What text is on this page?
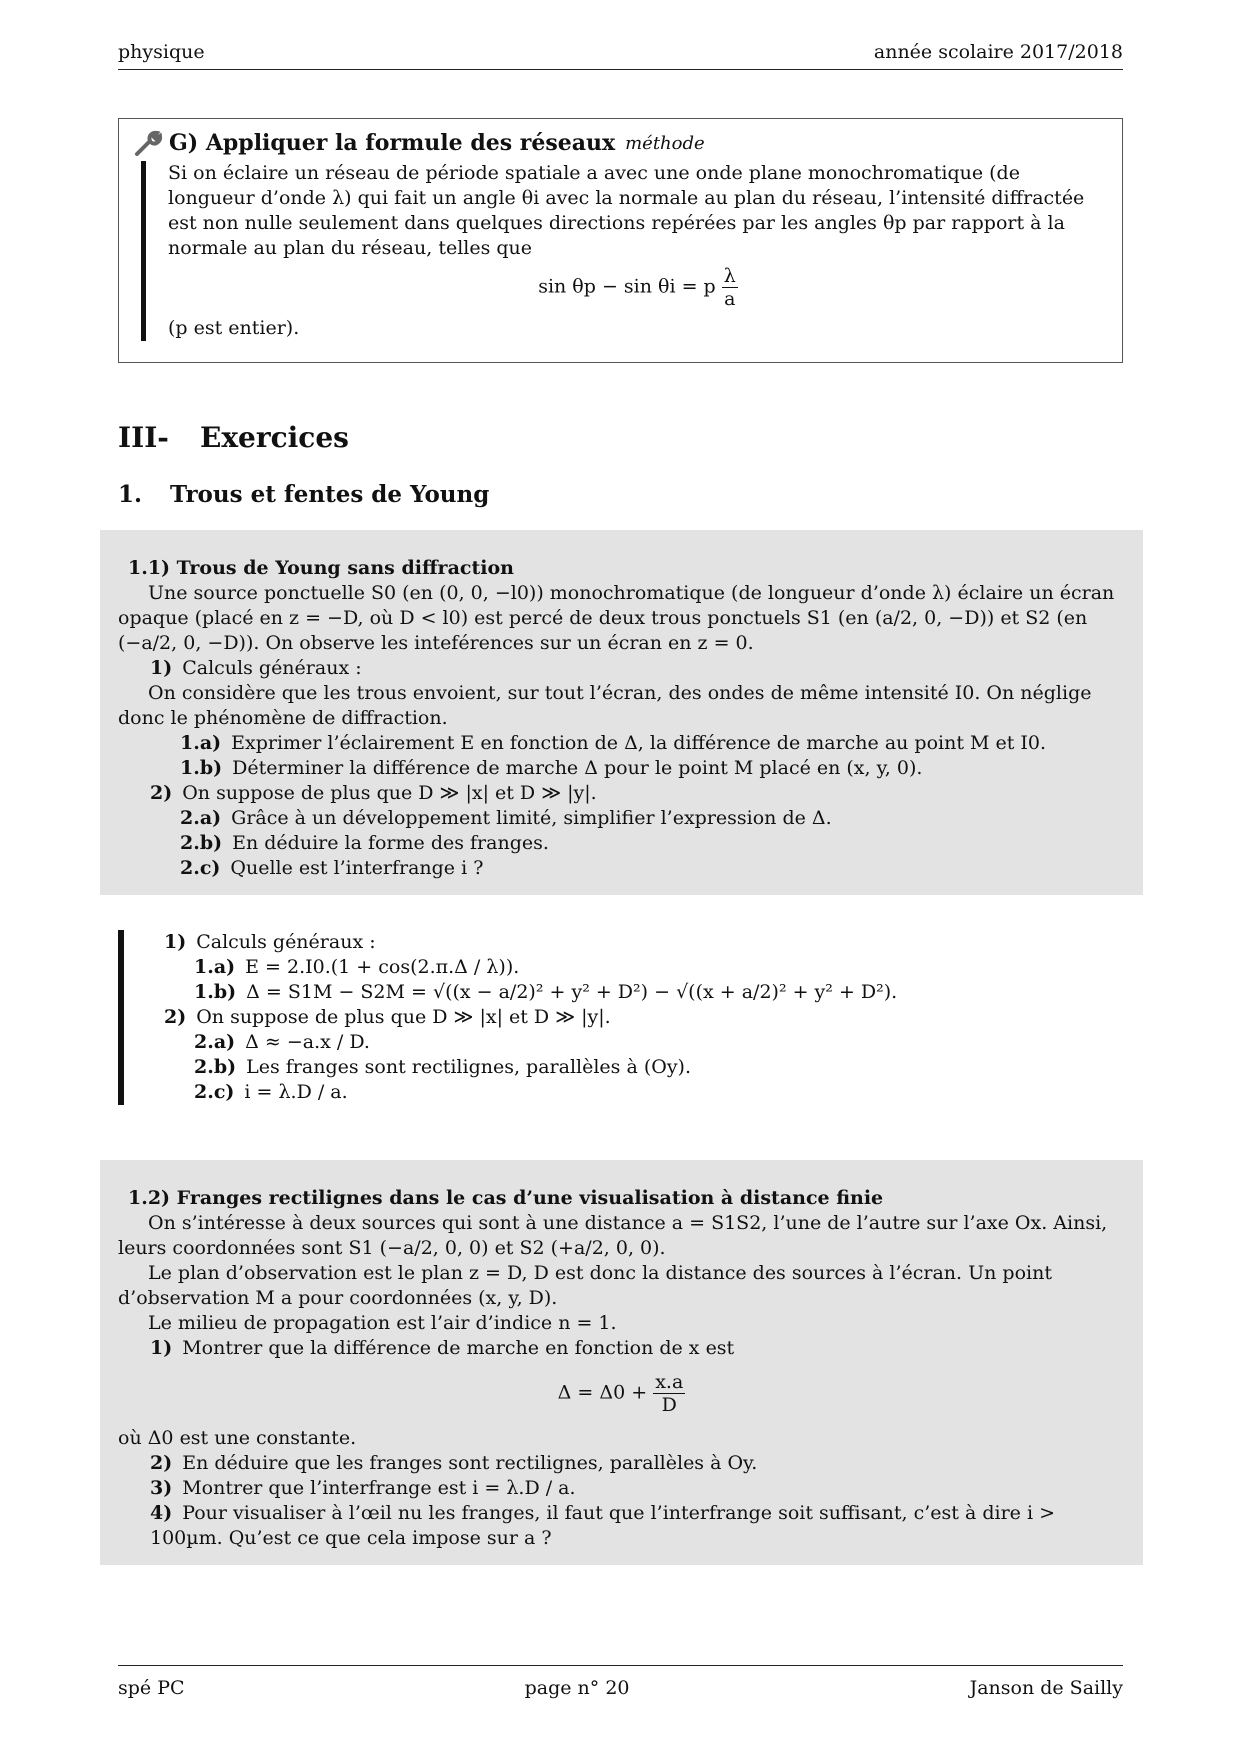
physique	année scolaire 2017/2018
G) Appliquer la formule des réseaux méthode

Si on éclaire un réseau de période spatiale a avec une onde plane monochromatique (de longueur d’onde λ) qui fait un angle θi avec la normale au plan du réseau, l’intensité diffractée est non nulle seulement dans quelques directions repérées par les angles θp par rapport à la normale au plan du réseau, telles que

sin θp − sin θi = p $\frac{\lambda}{a}$

(p est entier).

III- Exercices
1. Trous et fentes de Young

1.1) Trous de Young sans diffraction

Une source ponctuelle S0 (en (0, 0, −l0)) monochromatique (de longueur d’onde λ) éclaire un écran opaque (placé en z = −D, où D < l0) est percé de deux trous ponctuels S1 (en (a/2, 0, −D)) et S2 (en (−a/2, 0, −D)). On observe les inteférences sur un écran en z = 0.

1) Calculs généraux :

On considère que les trous envoient, sur tout l’écran, des ondes de même intensité I0. On néglige donc le phénomène de diffraction.

1.a) Exprimer l’éclairement E en fonction de Δ, la différence de marche au point M et I0.

1.b) Déterminer la différence de marche Δ pour le point M placé en (x, y, 0).

2) On suppose de plus que D ≫ |x| et D ≫ |y|.

2.a) Grâce à un développement limité, simplifier l’expression de Δ.

2.b) En déduire la forme des franges.

2.c) Quelle est l’interfrange i ?

1) Calculs généraux :

1.a) E = 2.I0.(1 + cos(2.π.Δ / λ)).

1.b) Δ = S1M − S2M = √((x − a/2)² + y² + D²) − √((x + a/2)² + y² + D²).

2) On suppose de plus que D ≫ |x| et D ≫ |y|.

2.a) Δ ≈ −a.x / D.

2.b) Les franges sont rectilignes, parallèles à (Oy).

2.c) i = λ.D / a.

1.2) Franges rectilignes dans le cas d’une visualisation à distance finie

On s’intéresse à deux sources qui sont à une distance a = S1S2, l’une de l’autre sur l’axe Ox. Ainsi, leurs coordonnées sont S1 (−a/2, 0, 0) et S2 (+a/2, 0, 0).

Le plan d’observation est le plan z = D, D est donc la distance des sources à l’écran. Un point d’observation M a pour coordonnées (x, y, D).

Le milieu de propagation est l’air d’indice n = 1.

1) Montrer que la différence de marche en fonction de x est

$\Delta = \Delta 0 + \frac{x.a}{D}$

où Δ0 est une constante.

2) En déduire que les franges sont rectilignes, parallèles à Oy.

3) Montrer que l’interfrange est i = λ.D / a.

4) Pour visualiser à l’œil nu les franges, il faut que l’interfrange soit suffisant, c’est à dire i > 100µm. Qu’est ce que cela impose sur a ?

spé PC	page n° 20	Janson de Sailly
